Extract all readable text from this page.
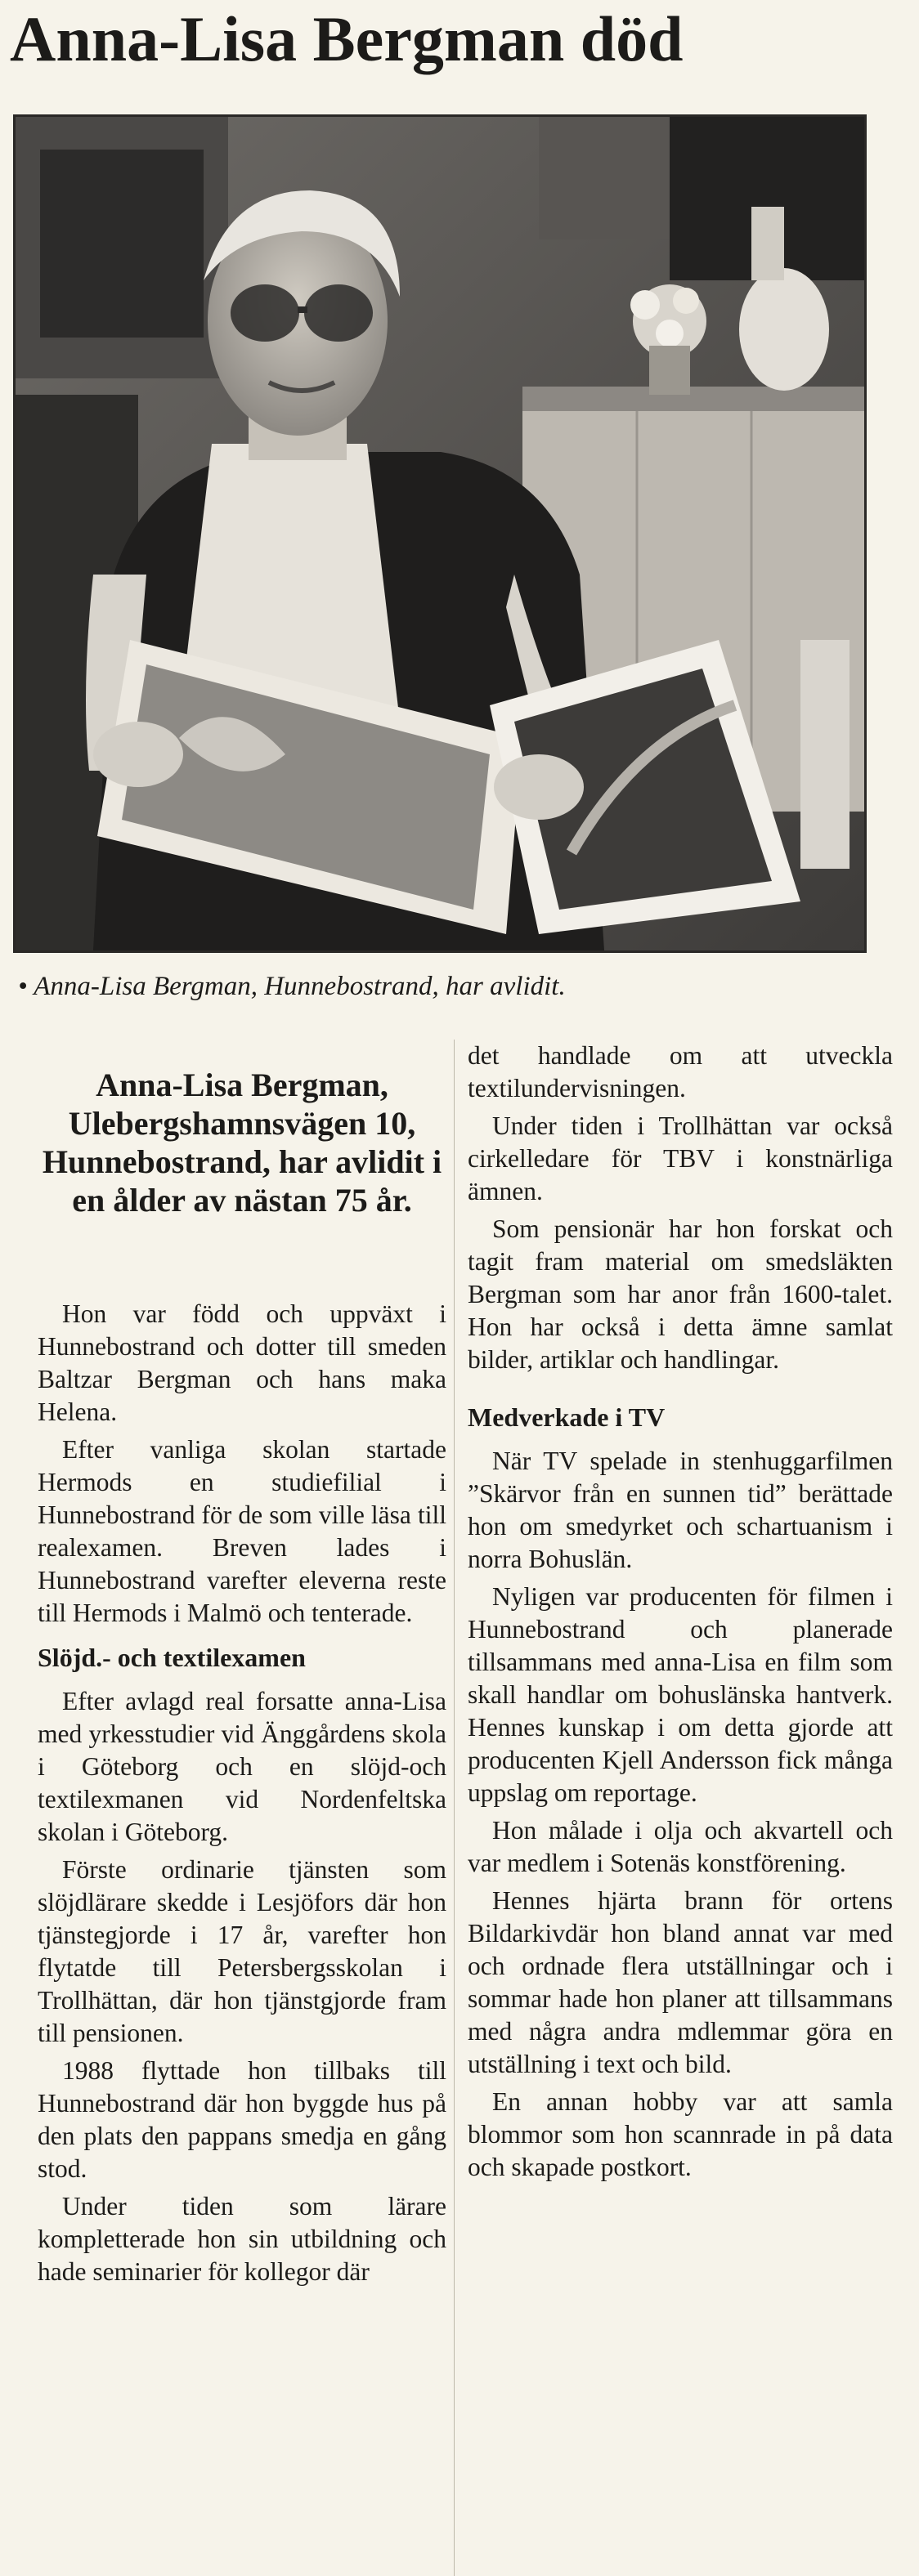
Anna-Lisa Bergman död
• Anna-Lisa Bergman, Hunnebostrand, har avlidit.

Anna-Lisa Bergman, Ulebergshamnsvägen 10, Hunnebostrand, har avlidit i en ålder av nästan 75 år.

Hon var född och uppväxt i Hunnebostrand och dotter till smeden Baltzar Bergman och hans maka Helena.

Efter vanliga skolan startade Hermods en studiefilial i Hunnebostrand för de som ville läsa till realexamen. Breven lades i Hunnebostrand varefter eleverna reste till Hermods i Malmö och tenterade.

Slöjd.- och textilexamen

Efter avlagd real forsatte anna-Lisa med yrkesstudier vid Änggårdens skola i Göteborg och en slöjd-och textilexmanen vid Nordenfeltska skolan i Göteborg.

Förste ordinarie tjänsten som slöjdlärare skedde i Lesjöfors där hon tjänstegjorde i 17 år, varefter hon flytatde till Petersbergsskolan i Trollhättan, där hon tjänstgjorde fram till pensionen.

1988 flyttade hon tillbaks till Hunnebostrand där hon byggde hus på den plats den pappans smedja en gång stod.

Under tiden som lärare kompletterade hon sin utbildning och hade seminarier för kollegor där

det handlade om att utveckla textilundervisningen.

Under tiden i Trollhättan var också cirkelledare för TBV i konstnärliga ämnen.

Som pensionär har hon forskat och tagit fram material om smedsläkten Bergman som har anor från 1600-talet. Hon har också i detta ämne samlat bilder, artiklar och handlingar.

Medverkade i TV

När TV spelade in stenhuggarfilmen ”Skärvor från en sunnen tid” berättade hon om smedyrket och schartuanism i norra Bohuslän.

Nyligen var producenten för filmen i Hunnebostrand och planerade tillsammans med anna-Lisa en film som skall handlar om bohuslänska hantverk. Hennes kunskap i om detta gjorde att producenten Kjell Andersson fick många uppslag om reportage.

Hon målade i olja och akvartell och var medlem i Sotenäs konstförening.

Hennes hjärta brann för ortens Bildarkivdär hon bland annat var med och ordnade flera utställningar och i sommar hade hon planer att tillsammans med några andra mdlemmar göra en utställning i text och bild.

En annan hobby var att samla blommor som hon scannrade in på data och skapade postkort.
